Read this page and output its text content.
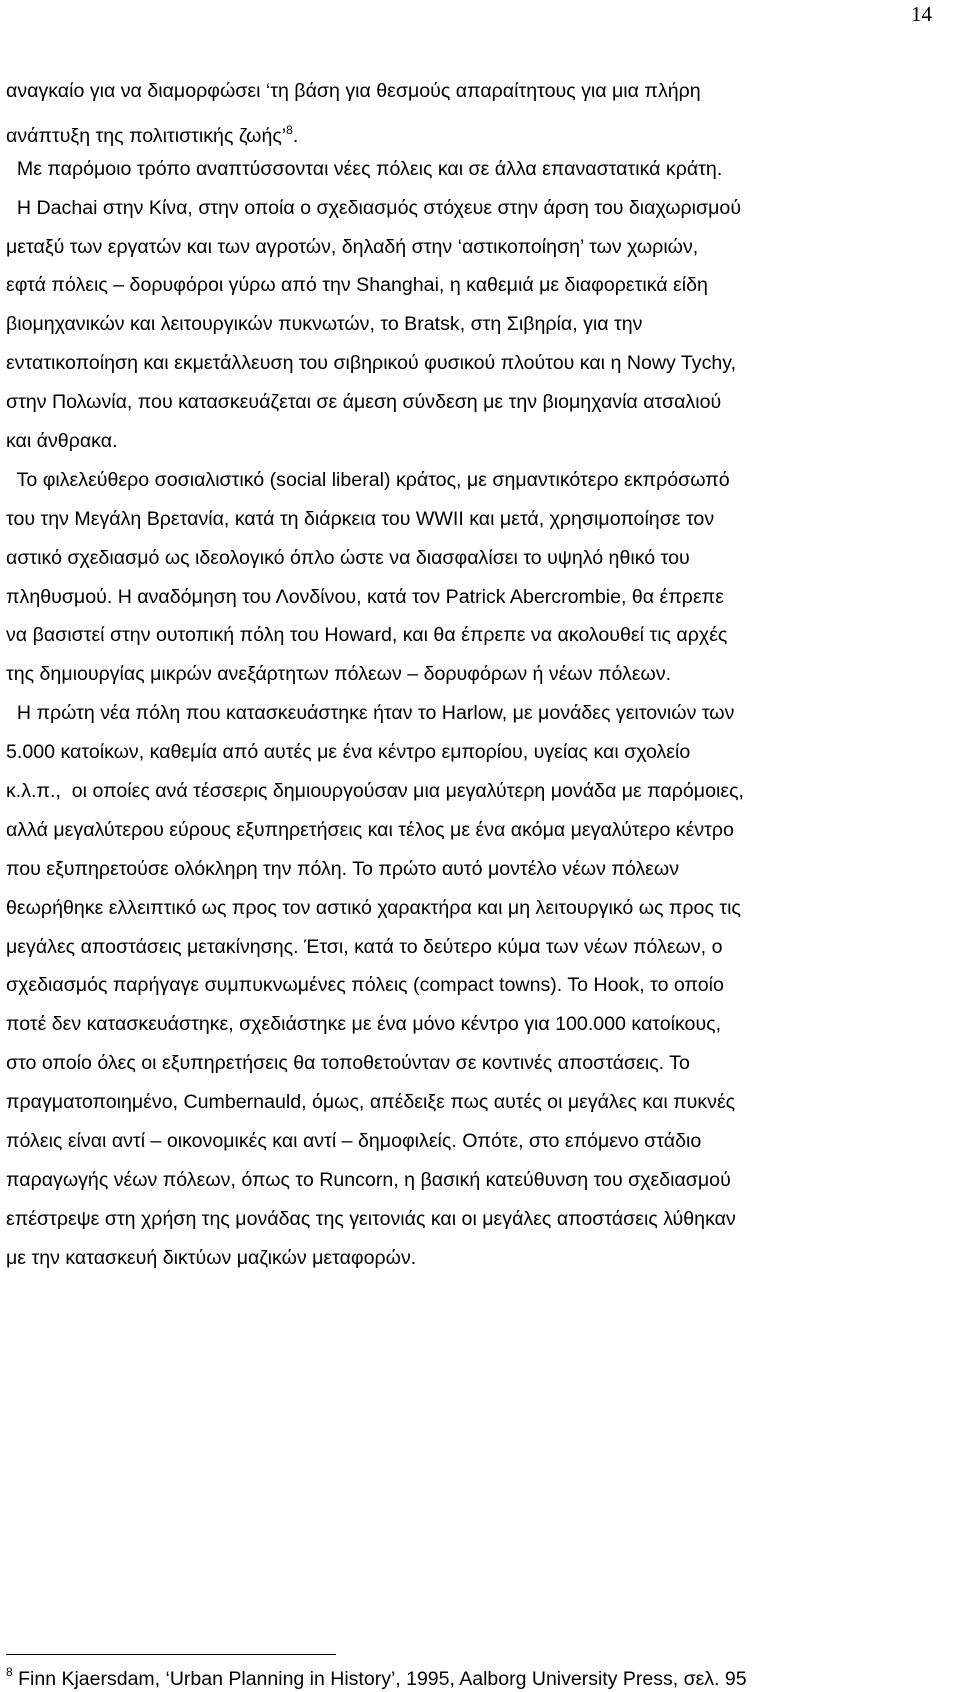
14
αναγκαίο για να διαμορφώσει ‘τη βάση για θεσμούς απαραίτητους για μια πλήρη
ανάπτυξη της πολιτιστικής ζωής’$^8$.
Με παρόμοιο τρόπο αναπτύσσονται νέες πόλεις και σε άλλα επαναστατικά κράτη.
Η Dachai στην Κίνα, στην οποία ο σχεδιασμός στόχευε στην άρση του διαχωρισμού
μεταξύ των εργατών και των αγροτών, δηλαδή στην ‘αστικοποίηση’ των χωριών,
εφτά πόλεις – δορυφόροι γύρω από την Shanghai, η καθεμιά με διαφορετικά είδη
βιομηχανικών και λειτουργικών πυκνωτών, το Bratsk, στη Σιβηρία, για την
εντατικοποίηση και εκμετάλλευση του σιβηρικού φυσικού πλούτου και η Nowy Tychy,
στην Πολωνία, που κατασκευάζεται σε άμεση σύνδεση με την βιομηχανία ατσαλιού
και άνθρακα.
Το φιλελεύθερο σοσιαλιστικό (social liberal) κράτος, με σημαντικότερο εκπρόσωπό
του την Μεγάλη Βρετανία, κατά τη διάρκεια του WWII και μετά, χρησιμοποίησε τον
αστικό σχεδιασμό ως ιδεολογικό όπλο ώστε να διασφαλίσει το υψηλό ηθικό του
πληθυσμού. Η αναδόμηση του Λονδίνου, κατά τον Patrick Abercrombie, θα έπρεπε
να βασιστεί στην ουτοπική πόλη του Howard, και θα έπρεπε να ακολουθεί τις αρχές
της δημιουργίας μικρών ανεξάρτητων πόλεων – δορυφόρων ή νέων πόλεων.
Η πρώτη νέα πόλη που κατασκευάστηκε ήταν το Harlow, με μονάδες γειτονιών των
5.000 κατοίκων, καθεμία από αυτές με ένα κέντρο εμπορίου, υγείας και σχολείο
κ.λ.π.,  οι οποίες ανά τέσσερις δημιουργούσαν μια μεγαλύτερη μονάδα με παρόμοιες,
αλλά μεγαλύτερου εύρους εξυπηρετήσεις και τέλος με ένα ακόμα μεγαλύτερο κέντρο
που εξυπηρετούσε ολόκληρη την πόλη. Το πρώτο αυτό μοντέλο νέων πόλεων
θεωρήθηκε ελλειπτικό ως προς τον αστικό χαρακτήρα και μη λειτουργικό ως προς τις
μεγάλες αποστάσεις μετακίνησης. Έτσι, κατά το δεύτερο κύμα των νέων πόλεων, ο
σχεδιασμός παρήγαγε συμπυκνωμένες πόλεις (compact towns). Το Hook, το οποίο
ποτέ δεν κατασκευάστηκε, σχεδιάστηκε με ένα μόνο κέντρο για 100.000 κατοίκους,
στο οποίο όλες οι εξυπηρετήσεις θα τοποθετούνταν σε κοντινές αποστάσεις. Το
πραγματοποιημένο, Cumbernauld, όμως, απέδειξε πως αυτές οι μεγάλες και πυκνές
πόλεις είναι αντί – οικονομικές και αντί – δημοφιλείς. Οπότε, στο επόμενο στάδιο
παραγωγής νέων πόλεων, όπως το Runcorn, η βασική κατεύθυνση του σχεδιασμού
επέστρεψε στη χρήση της μονάδας της γειτονιάς και οι μεγάλες αποστάσεις λύθηκαν
με την κατασκευή δικτύων μαζικών μεταφορών.
$^8$ Finn Kjaersdam, ‘Urban Planning in History’, 1995, Aalborg University Press, σελ. 95
